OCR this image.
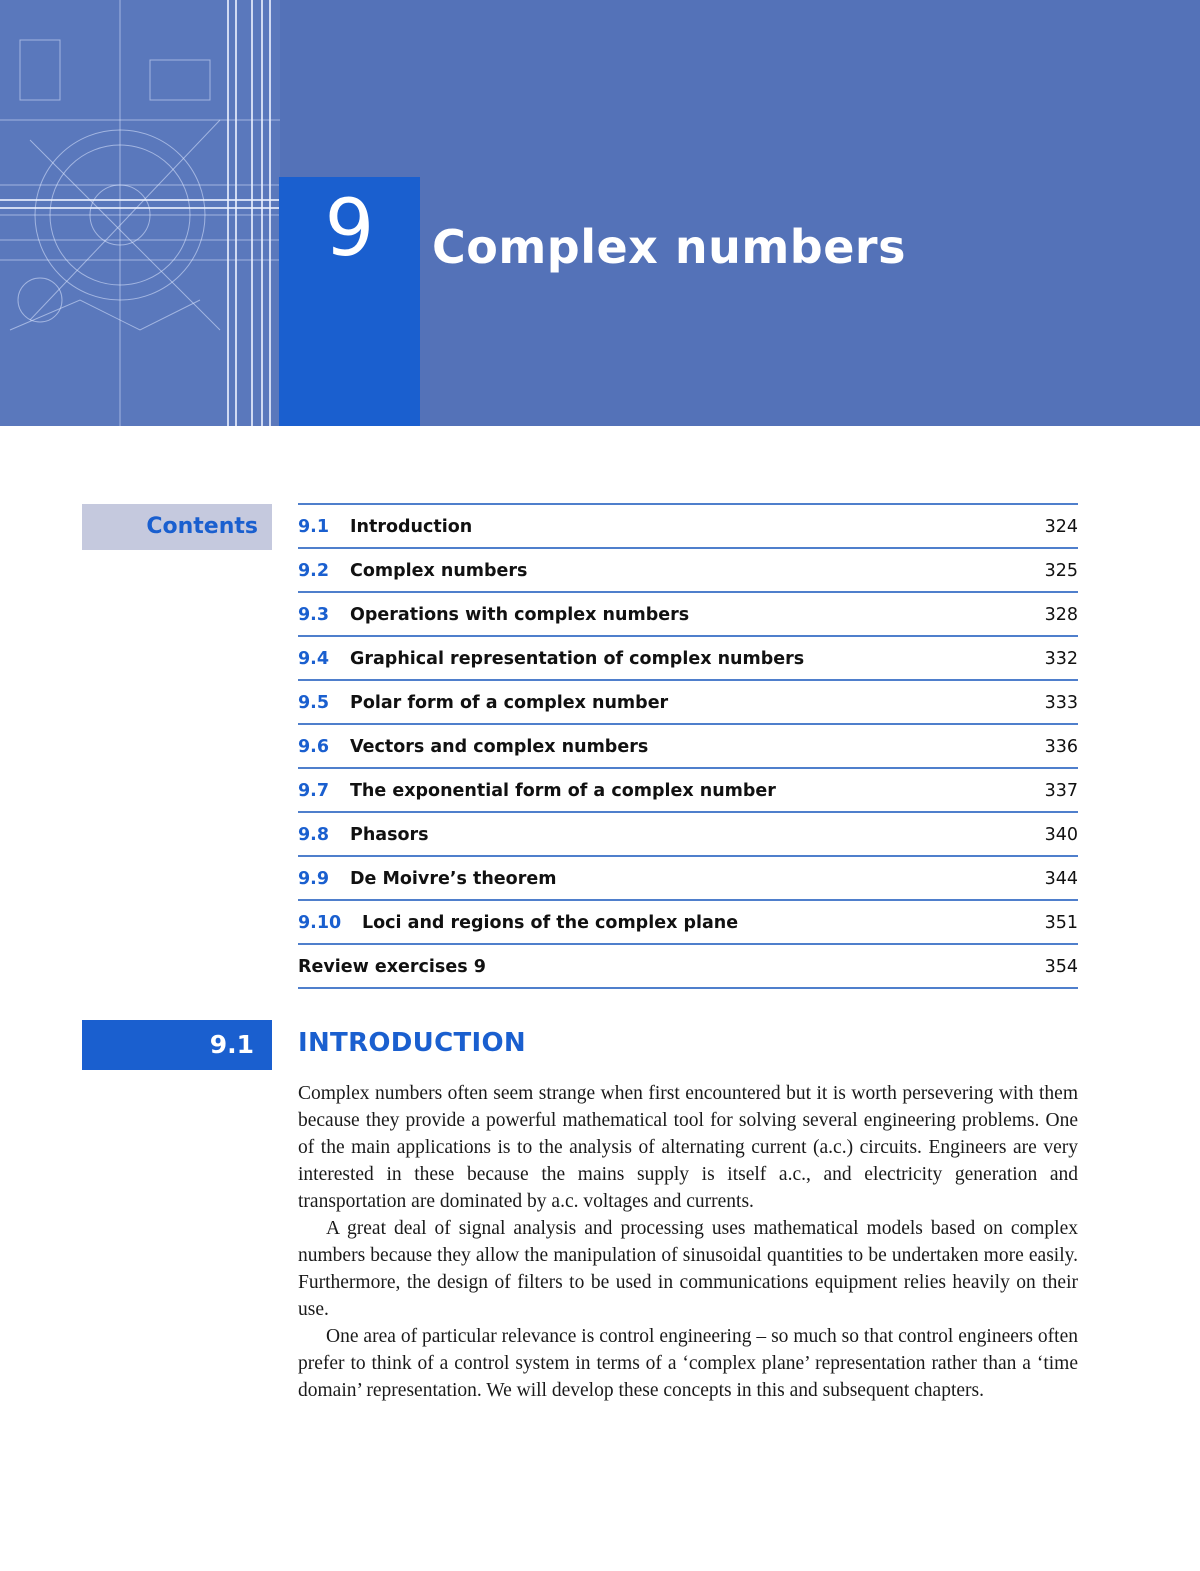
9	Complex numbers
Contents	9.1 Introduction	324
9.2 Complex numbers	325
9.3 Operations with complex numbers	328
9.4 Graphical representation of complex numbers	332
9.5 Polar form of a complex number	333
9.6 Vectors and complex numbers	336
9.7 The exponential form of a complex number	337
9.8 Phasors	340
9.9 De Moivre’s theorem	344
9.10 Loci and regions of the complex plane	351
Review exercises 9	354
9.1	INTRODUCTION

Complex numbers often seem strange when first encountered but it is worth persevering with them because they provide a powerful mathematical tool for solving several engineering problems. One of the main applications is to the analysis of alternating current (a.c.) circuits. Engineers are very interested in these because the mains supply is itself a.c., and electricity generation and transportation are dominated by a.c. voltages and currents.

A great deal of signal analysis and processing uses mathematical models based on complex numbers because they allow the manipulation of sinusoidal quantities to be undertaken more easily. Furthermore, the design of filters to be used in communications equipment relies heavily on their use.

One area of particular relevance is control engineering – so much so that control engineers often prefer to think of a control system in terms of a ‘complex plane’ representation rather than a ‘time domain’ representation. We will develop these concepts in this and subsequent chapters.
